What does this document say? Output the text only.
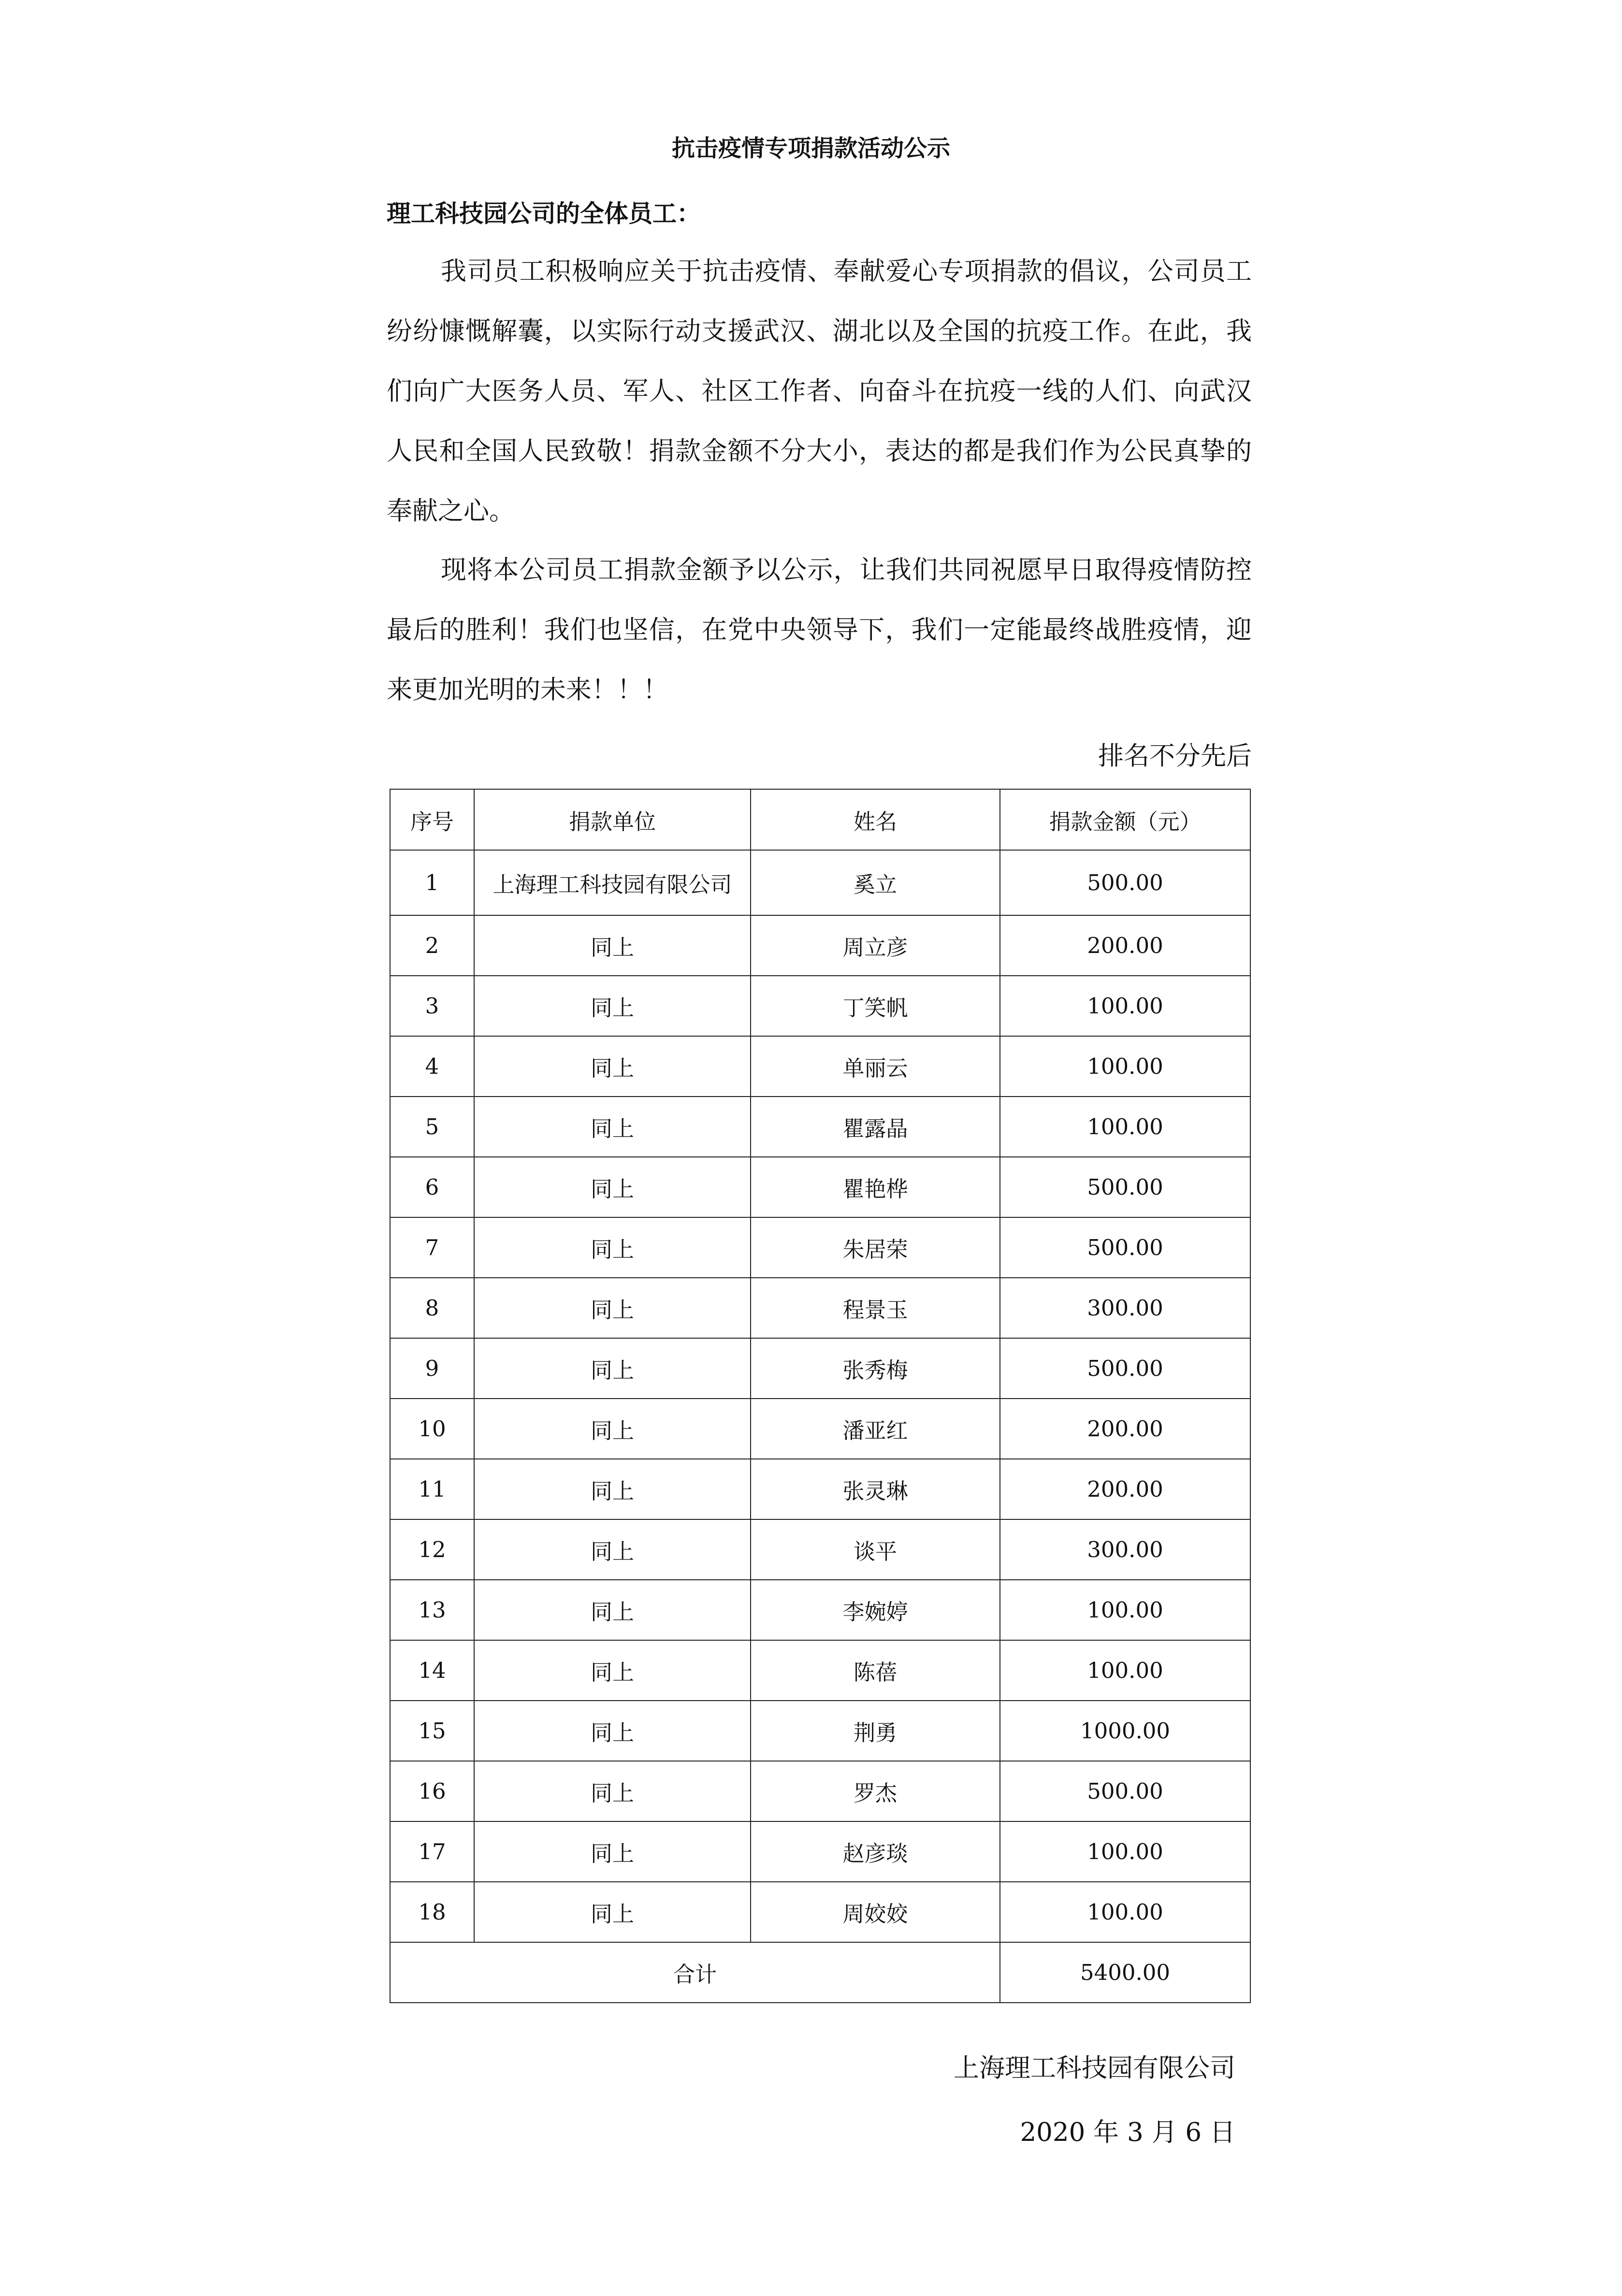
抗击疫情专项捐款活动公示
理工科技园公司的全体员工：

我司员工积极响应关于抗击疫情、奉献爱心专项捐款的倡议，公司员工纷纷慷慨解囊，以实际行动支援武汉、湖北以及全国的抗疫工作。在此，我们向广大医务人员、军人、社区工作者、向奋斗在抗疫一线的人们、向武汉人民和全国人民致敬！捐款金额不分大小，表达的都是我们作为公民真挚的奉献之心。

现将本公司员工捐款金额予以公示，让我们共同祝愿早日取得疫情防控最后的胜利！我们也坚信，在党中央领导下，我们一定能最终战胜疫情，迎来更加光明的未来！！！

排名不分先后
序号	捐款单位	姓名	捐款金额（元）
1	上海理工科技园有限公司	奚立	500.00
2	同上	周立彦	200.00
3	同上	丁笑帆	100.00
4	同上	单丽云	100.00
5	同上	瞿露晶	100.00
6	同上	瞿艳桦	500.00
7	同上	朱居荣	500.00
8	同上	程景玉	300.00
9	同上	张秀梅	500.00
10	同上	潘亚红	200.00
11	同上	张灵琳	200.00
12	同上	谈平	300.00
13	同上	李婉婷	100.00
14	同上	陈蓓	100.00
15	同上	荆勇	1000.00
16	同上	罗杰	500.00
17	同上	赵彦琰	100.00
18	同上	周姣姣	100.00
合计			5400.00
上海理工科技园有限公司
2020 年 3 月 6 日
